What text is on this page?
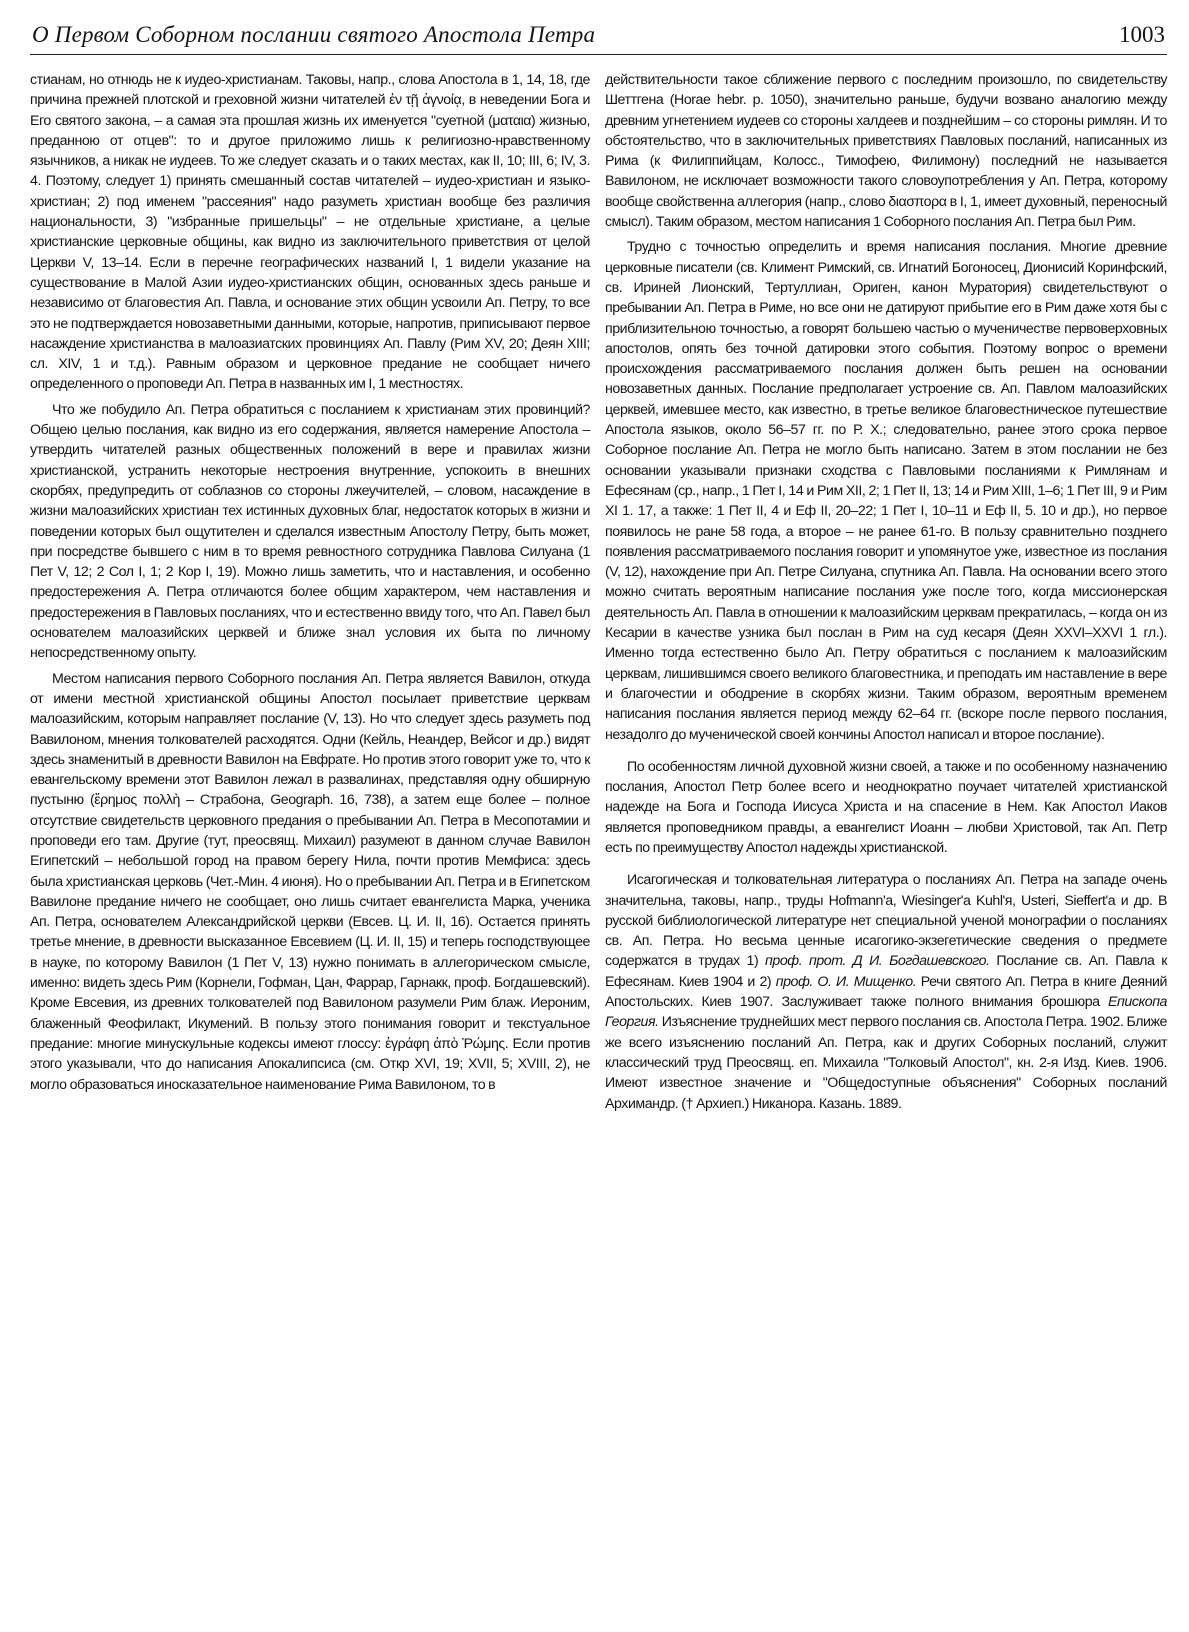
О Первом Соборном послании святого Апостола Петра	1003

стианам, но отнюдь не к иудео-христианам. Таковы, напр., слова Апостола в 1, 14, 18, где причина прежней плотской и греховной жизни читателей ἐν τῇ ἀγνοίᾳ, в неведении Бога и Его святого закона, – а самая эта прошлая жизнь их именуется "суетной (ματαια) жизнью, преданною от отцев": то и другое приложимо лишь к религиозно-нравственному язычников, а никак не иудеев. То же следует сказать и о таких местах, как II, 10; III, 6; IV, 3. 4. Поэтому, следует 1) принять смешанный состав читателей – иудео-христиан и языко-христиан; 2) под именем "рассеяния" надо разуметь христиан вообще без различия национальности, 3) "избранные пришельцы" – не отдельные христиане, а целые христианские церковные общины, как видно из заключительного приветствия от целой Церкви V, 13–14. Если в перечне географических названий I, 1 видели указание на существование в Малой Азии иудео-христианских общин, основанных здесь раньше и независимо от благовестия Ап. Павла, и основание этих общин усвоили Ап. Петру, то все это не подтверждается новозаветными данными, которые, напротив, приписывают первое насаждение христианства в малоазиатских провинциях Ап. Павлу (Рим XV, 20; Деян XIII; сл. XIV, 1 и т.д.). Равным образом и церковное предание не сообщает ничего определенного о проповеди Ап. Петра в названных им I, 1 местностях.

Что же побудило Ап. Петра обратиться с посланием к христианам этих провинций? Общею целью послания, как видно из его содержания, является намерение Апостола – утвердить читателей разных общественных положений в вере и правилах жизни христианской, устранить некоторые нестроения внутренние, успокоить в внешних скорбях, предупредить от соблазнов со стороны лжеучителей, – словом, насаждение в жизни малоазийских христиан тех истинных духовных благ, недостаток которых в жизни и поведении которых был ощутителен и сделался известным Апостолу Петру, быть может, при посредстве бывшего с ним в то время ревностного сотрудника Павлова Силуана (1 Пет V, 12; 2 Сол I, 1; 2 Кор I, 19). Можно лишь заметить, что и наставления, и особенно предостережения А. Петра отличаются более общим характером, чем наставления и предостережения в Павловых посланиях, что и естественно ввиду того, что Ап. Павел был основателем малоазийских церквей и ближе знал условия их быта по личному непосредственному опыту.

Местом написания первого Соборного послания Ап. Петра является Вавилон, откуда от имени местной христианской общины Апостол посылает приветствие церквам малоазийским, которым направляет послание (V, 13). Но что следует здесь разуметь под Вавилоном, мнения толкователей расходятся. Одни (Кейль, Неандер, Вейсог и др.) видят здесь знаменитый в древности Вавилон на Евфрате. Но против этого говорит уже то, что к евангельскому времени этот Вавилон лежал в развалинах, представляя одну обширную пустыню (ἔρημος πολλὴ – Страбона, Geograph. 16, 738), а затем еще более – полное отсутствие свидетельств церковного предания о пребывании Ап. Петра в Месопотамии и проповеди его там. Другие (тут, преосвящ. Михаил) разумеют в данном случае Вавилон Египетский – небольшой город на правом берегу Нила, почти против Мемфиса: здесь была христианская церковь (Чет.-Мин. 4 июня). Но о пребывании Ап. Петра и в Египетском Вавилоне предание ничего не сообщает, оно лишь считает евангелиста Марка, ученика Ап. Петра, основателем Александрийской церкви (Евсев. Ц. И. II, 16). Остается принять третье мнение, в древности высказанное Евсевием (Ц. И. II, 15) и теперь господствующее в науке, по которому Вавилон (1 Пет V, 13) нужно понимать в аллегорическом смысле, именно: видеть здесь Рим (Корнели, Гофман, Цан, Фаррар, Гарнакк, проф. Богдашевский). Кроме Евсевия, из древних толкователей под Вавилоном разумели Рим блаж. Иероним, блаженный Феофилакт, Икумений. В пользу этого понимания говорит и текстуальное предание: многие минускульные кодексы имеют глоссу: ἐγράφη ἀπὸ Ῥώμης. Если против этого указывали, что до написания Апокалипсиса (см. Откр XVI, 19; XVII, 5; XVIII, 2), не могло образоваться иносказательное наименование Рима Вавилоном, то в

действительности такое сближение первого с последним произошло, по свидетельству Шеттгена (Horae hebr. p. 1050), значительно раньше, будучи возвано аналогию между древним угнетением иудеев со стороны халдеев и позднейшим – со стороны римлян. И то обстоятельство, что в заключительных приветствиях Павловых посланий, написанных из Рима (к Филиппийцам, Колосс., Тимофею, Филимону) последний не называется Вавилоном, не исключает возможности такого словоупотребления у Ап. Петра, которому вообще свойственна аллегория (напр., слово διασπορα в I, 1, имеет духовный, переносный смысл). Таким образом, местом написания 1 Соборного послания Ап. Петра был Рим.

Трудно с точностью определить и время написания послания. Многие древние церковные писатели (св. Климент Римский, св. Игнатий Богоносец, Дионисий Коринфский, св. Ириней Лионский, Тертуллиан, Ориген, канон Муратория) свидетельствуют о пребывании Ап. Петра в Риме, но все они не датируют прибытие его в Рим даже хотя бы с приблизительною точностью, а говорят большею частью о мученичестве первоверховных апостолов, опять без точной датировки этого события. Поэтому вопрос о времени происхождения рассматриваемого послания должен быть решен на основании новозаветных данных. Послание предполагает устроение св. Ап. Павлом малоазийских церквей, имевшее место, как известно, в третье великое благовестническое путешествие Апостола языков, около 56–57 гг. по Р. Х.; следовательно, ранее этого срока первое Соборное послание Ап. Петра не могло быть написано. Затем в этом послании не без основании указывали признаки сходства с Павловыми посланиями к Римлянам и Ефесянам (ср., напр., 1 Пет I, 14 и Рим XII, 2; 1 Пет II, 13; 14 и Рим XIII, 1–6; 1 Пет III, 9 и Рим XI 1. 17, а также: 1 Пет II, 4 и Еф II, 20–22; 1 Пет I, 10–11 и Еф II, 5. 10 и др.), но первое появилось не ране 58 года, а второе – не ранее 61-го. В пользу сравнительно позднего появления рассматриваемого послания говорит и упомянутое уже, известное из послания (V, 12), нахождение при Ап. Петре Силуана, спутника Ап. Павла. На основании всего этого можно считать вероятным написание послания уже после того, когда миссионерская деятельность Ап. Павла в отношении к малоазийским церквам прекратилась, – когда он из Кесарии в качестве узника был послан в Рим на суд кесаря (Деян XXVI–XXVI 1 гл.). Именно тогда естественно было Ап. Петру обратиться с посланием к малоазийским церквам, лишившимся своего великого благовестника, и преподать им наставление в вере и благочестии и ободрение в скорбях жизни. Таким образом, вероятным временем написания послания является период между 62–64 гг. (вскоре после первого послания, незадолго до мученической своей кончины Апостол написал и второе послание).

По особенностям личной духовной жизни своей, а также и по особенному назначению послания, Апостол Петр более всего и неоднократно поучает читателей христианской надежде на Бога и Господа Иисуса Христа и на спасение в Нем. Как Апостол Иаков является проповедником правды, а евангелист Иоанн – любви Христовой, так Ап. Петр есть по преимуществу Апостол надежды христианской.

Исагогическая и толковательная литература о посланиях Ап. Петра на западе очень значительна, таковы, напр., труды Hofmann'а, Wiesinger'а Kuhl'я, Usteri, Sieffert'а и др. В русской библиологической литературе нет специальной ученой монографии о посланиях св. Ап. Петра. Но весьма ценные исагогико-экзегетические сведения о предмете содержатся в трудах 1) проф. прот. Д И. Богдашевского. Послание св. Ап. Павла к Ефесянам. Киев 1904 и 2) проф. О. И. Мищенко. Речи святого Ап. Петра в книге Деяний Апостольских. Киев 1907. Заслуживает также полного внимания брошюра Епископа Георгия. Изъяснение труднейших мест первого послания св. Апостола Петра. 1902. Ближе же всего изъяснению посланий Ап. Петра, как и других Соборных посланий, служит классический труд Преосвящ. еп. Михаила "Толковый Апостол", кн. 2-я Изд. Киев. 1906. Имеют известное значение и "Общедоступные объяснения" Соборных посланий Архимандр. († Архиеп.) Никанора. Казань. 1889.
